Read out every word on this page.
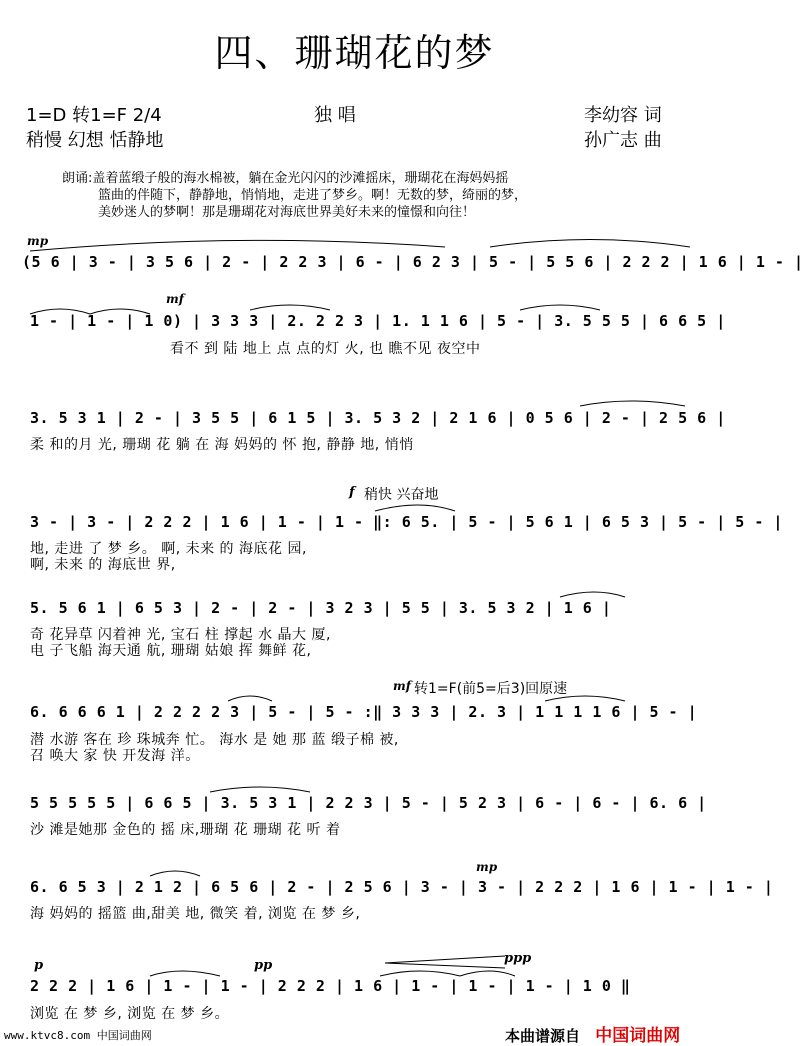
四、珊瑚花的梦
1=D 转1=F 2/4
稍慢 幻想 恬静地
独 唱	李幼容 词
孙广志 曲
朗诵:盖着蓝缎子般的海水棉被，躺在金光闪闪的沙滩摇床，珊瑚花在海妈妈摇
篮曲的伴随下，静静地，悄悄地，走进了梦乡。啊！无数的梦，绮丽的梦，
美妙迷人的梦啊！那是珊瑚花对海底世界美好未来的憧憬和向往！
mp
mf
f 稍快 兴奋地
mf 转1=F(前5=后3)回原速
mp
p	pp	ppp
(5 6 | 3 - | 3 5 6 | 2 - | 2 2 3 | 6 - | 6 2 3 | 5 - | 5 5 6 | 2 2 2 | 1 6 | 1 - |
1 - | 1 - | 1 0) | 3 3 3 | 2. 2 2 3 | 1. 1 1 6 | 5 - | 3. 5 5 5 | 6 6 5 |
看不 到 陆 地上 点 点的灯 火, 也 瞧不见 夜空中
3. 5 3 1 | 2 - | 3 5 5 | 6 1 5 | 3. 5 3 2 | 2 1 6 | 0 5 6 | 2 - | 2 5 6 |
柔 和的月 光, 珊瑚 花 躺 在 海 妈妈的 怀 抱, 静静 地, 悄悄
3 - | 3 - | 2 2 2 | 1 6 | 1 - | 1 - ‖: 6 5. | 5 - | 5 6 1 | 6 5 3 | 5 - | 5 - |
地, 走进 了 梦 乡。 啊, 未来 的 海底花 园,
啊, 未来 的 海底世 界,
5. 5 6 1 | 6 5 3 | 2 - | 2 - | 3 2 3 | 5 5 | 3. 5 3 2 | 1 6 |
奇 花异草 闪着神 光, 宝石 柱 撑起 水 晶大 厦,
电 子飞船 海天通 航, 珊瑚 姑娘 挥 舞鲜 花,
6. 6 6 6 1 | 2 2 2 2 3 | 5 - | 5 - :‖ 3 3 3 | 2. 3 | 1 1 1 1 6 | 5 - |
潜 水游 客在 珍 珠城奔 忙。 海水 是 她 那 蓝 缎子棉 被,
召 唤大 家 快 开发海 洋。
5 5 5 5 5 | 6 6 5 | 3. 5 3 1 | 2 2 3 | 5 - | 5 2 3 | 6 - | 6 - | 6. 6 |
沙 滩是她那 金色的 摇 床,珊瑚 花 珊瑚 花 听 着
6. 6 5 3 | 2 1 2 | 6 5 6 | 2 - | 2 5 6 | 3 - | 3 - | 2 2 2 | 1 6 | 1 - | 1 - |
海 妈妈的 摇篮 曲,甜美 地, 微笑 着, 浏览 在 梦 乡,
2 2 2 | 1 6 | 1 - | 1 - | 2 2 2 | 1 6 | 1 - | 1 - | 1 - | 1 0 ‖
浏览 在 梦 乡, 浏览 在 梦 乡。
www.ktvc8.com 中国词曲网	本曲谱源自 中国词曲网
